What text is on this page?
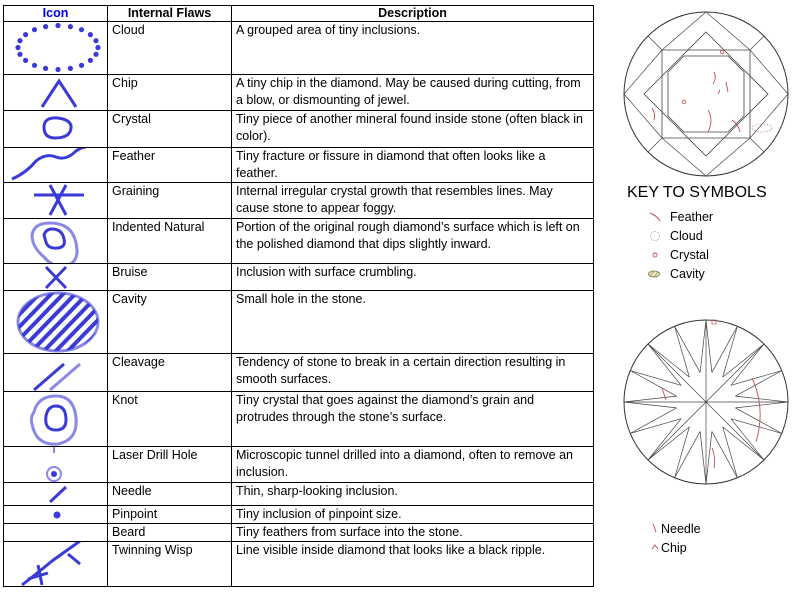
Icon	Internal Flaws	Description

	Cloud	A grouped area of tiny inclusions.

	Chip	A tiny chip in the diamond. May be caused during cutting, from a blow, or dismounting of jewel.

	Crystal	Tiny piece of another mineral found inside stone (often black in color).

	Feather	Tiny fracture or fissure in diamond that often looks like a feather.

	Graining	Internal irregular crystal growth that resembles lines. May cause stone to appear foggy.

	Indented Natural	Portion of the original rough diamond’s surface which is left on the polished diamond that dips slightly inward.

	Bruise	Inclusion with surface crumbling.

	Cavity	Small hole in the stone.

	Cleavage	Tendency of stone to break in a certain direction resulting in smooth surfaces.

	Knot	Tiny crystal that goes against the diamond’s grain and protrudes through the stone’s surface.

	Laser Drill Hole	Microscopic tunnel drilled into a diamond, often to remove an inclusion.

	Needle	Thin, sharp-looking inclusion.

	Pinpoint	Tiny inclusion of pinpoint size.

	Beard	Tiny feathers from surface into the stone.

	Twinning Wisp	Line visible inside diamond that looks like a black ripple.
KEY TO SYMBOLS
Feather
Cloud
Crystal
Cavity
Needle
Chip
